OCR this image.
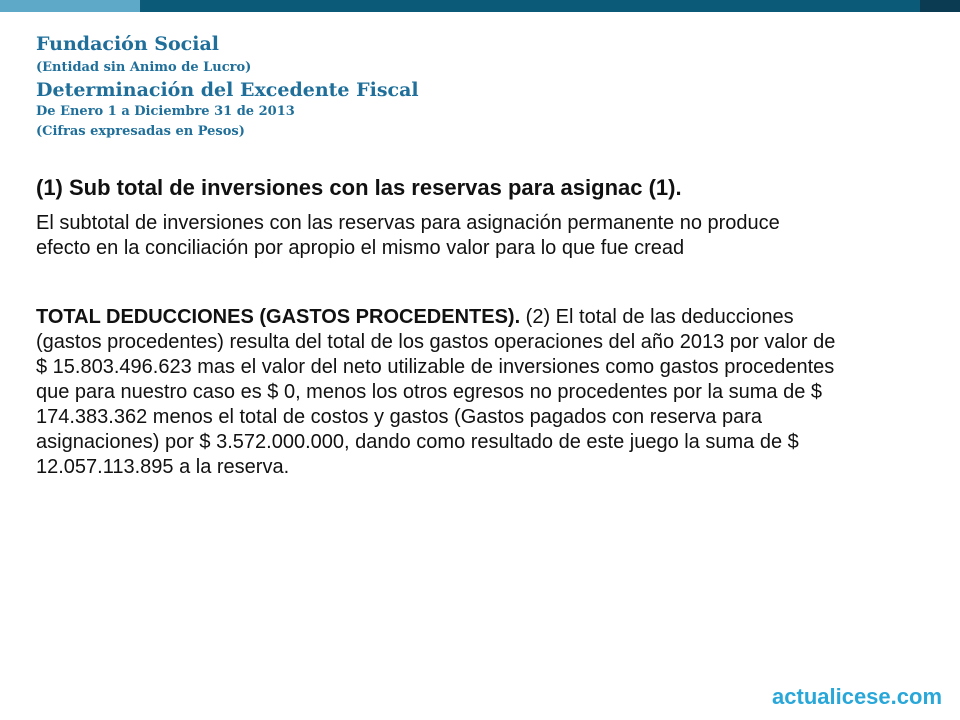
Fundación Social
(Entidad sin Animo de Lucro)
Determinación del Excedente Fiscal
De Enero 1 a Diciembre 31 de 2013
(Cifras expresadas en Pesos)

(1) Sub total de inversiones con las reservas para asignac (1).

El subtotal de inversiones con las reservas para asignación permanente no produce efecto en la conciliación por apropio el mismo valor para lo que fue cread

TOTAL DEDUCCIONES (GASTOS PROCEDENTES). (2) El total de las deducciones (gastos procedentes) resulta del total de los gastos operaciones del año 2013 por valor de $ 15.803.496.623 mas el valor del neto utilizable de inversiones como gastos procedentes que para nuestro caso es $ 0, menos los otros egresos no procedentes por la suma de $ 174.383.362 menos el total de costos y gastos (Gastos pagados con reserva para asignaciones) por $ 3.572.000.000, dando como resultado de este juego la suma de $ 12.057.113.895 a la reserva.

actualicese.com
